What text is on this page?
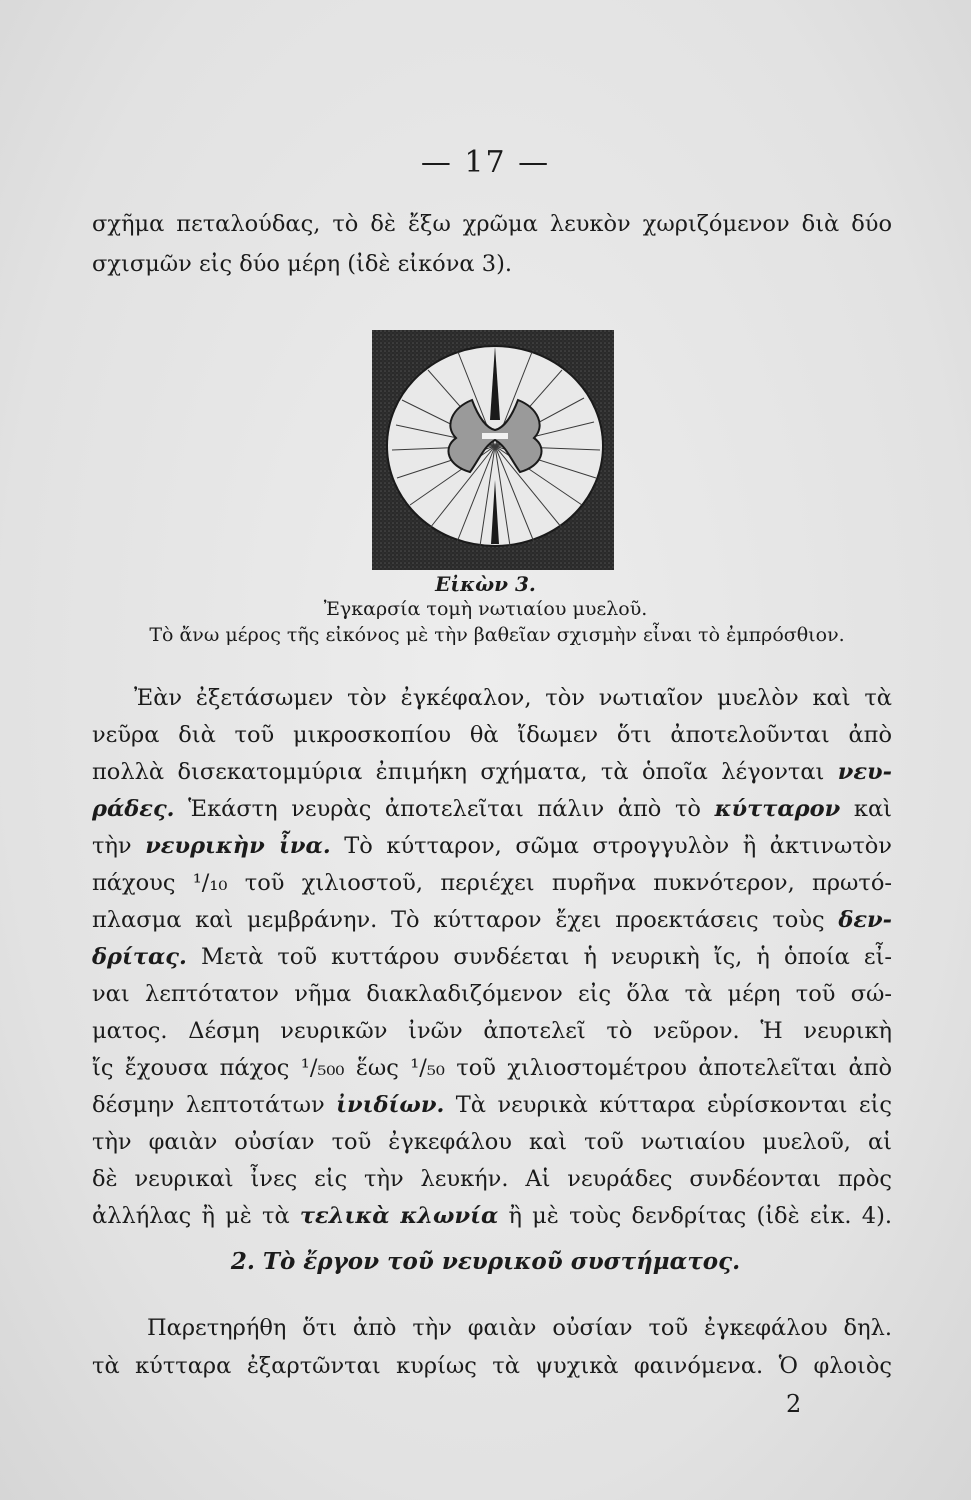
— 17 —
σχῆμα πεταλούδας, τὸ δὲ ἔξω χρῶμα λευκὸν χωριζόμενον διὰ δύο
σχισμῶν εἰς δύο μέρη (ἰδὲ εἰκόνα 3).
Εἰκὼν 3.
Ἐγκαρσία τομὴ νωτιαίου μυελοῦ.
Τὸ ἄνω μέρος τῆς εἰκόνος μὲ τὴν βαθεῖαν σχισμὴν εἶναι τὸ ἐμπρόσθιον.
Ἐὰν ἐξετάσωμεν τὸν ἐγκέφαλον, τὸν νωτιαῖον μυελὸν καὶ τὰ
νεῦρα διὰ τοῦ μικροσκοπίου θὰ ἴδωμεν ὅτι ἀποτελοῦνται ἀπὸ
πολλὰ δισεκατομμύρια ἐπιμήκη σχήματα, τὰ ὁποῖα λέγονται νευ-
ράδες. Ἑκάστη νευρὰς ἀποτελεῖται πάλιν ἀπὸ τὸ κύτταρον καὶ
τὴν νευρικὴν ἶνα. Τὸ κύτταρον, σῶμα στρογγυλὸν ἢ ἀκτινωτὸν
πάχους ¹/₁₀ τοῦ χιλιοστοῦ, περιέχει πυρῆνα πυκνότερον, πρωτό-
πλασμα καὶ μεμβράνην. Τὸ κύτταρον ἔχει προεκτάσεις τοὺς δεν-
δρίτας. Μετὰ τοῦ κυττάρου συνδέεται ἡ νευρικὴ ἴς, ἡ ὁποία εἶ-
ναι λεπτότατον νῆμα διακλαδιζόμενον εἰς ὅλα τὰ μέρη τοῦ σώ-
ματος. Δέσμη νευρικῶν ἰνῶν ἀποτελεῖ τὸ νεῦρον. Ἡ νευρικὴ
ἴς ἔχουσα πάχος ¹/₅₀₀ ἕως ¹/₅₀ τοῦ χιλιοστομέτρου ἀποτελεῖται ἀπὸ
δέσμην λεπτοτάτων ἰνιδίων. Τὰ νευρικὰ κύτταρα εὑρίσκονται εἰς
τὴν φαιὰν οὐσίαν τοῦ ἐγκεφάλου καὶ τοῦ νωτιαίου μυελοῦ, αἱ
δὲ νευρικαὶ ἶνες εἰς τὴν λευκήν. Αἱ νευράδες συνδέονται πρὸς
ἀλλήλας ἢ μὲ τὰ τελικὰ κλωνία ἢ μὲ τοὺς δενδρίτας (ἰδὲ εἰκ. 4).
2. Τὸ ἔργον τοῦ νευρικοῦ συστήματος.
Παρετηρήθη ὅτι ἀπὸ τὴν φαιὰν οὐσίαν τοῦ ἐγκεφάλου δηλ.
τὰ κύτταρα ἐξαρτῶνται κυρίως τὰ ψυχικὰ φαινόμενα. Ὁ φλοιὸς
2
